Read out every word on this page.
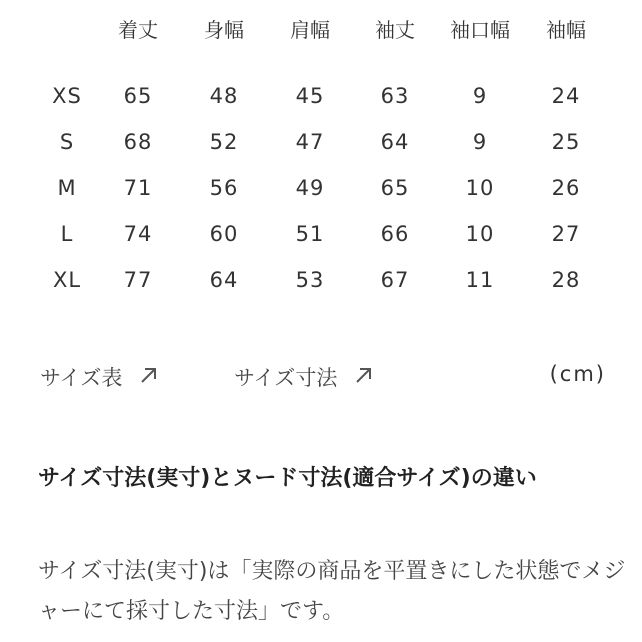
着丈 身幅 肩幅 袖丈 袖口幅 袖幅
XS 65	48	45	63	9	24
S 68	52	47	64	9	25
M 71	56	49	65	10	26
L 74	60	51	66	10	27
XL 77	64	53	67	11	28
サイズ表	サイズ寸法	(cm)
サイズ寸法(実寸)とヌード寸法(適合サイズ)の違い
サイズ寸法(実寸)は「実際の商品を平置きにした状態でメジャーにて採寸した寸法」です。
